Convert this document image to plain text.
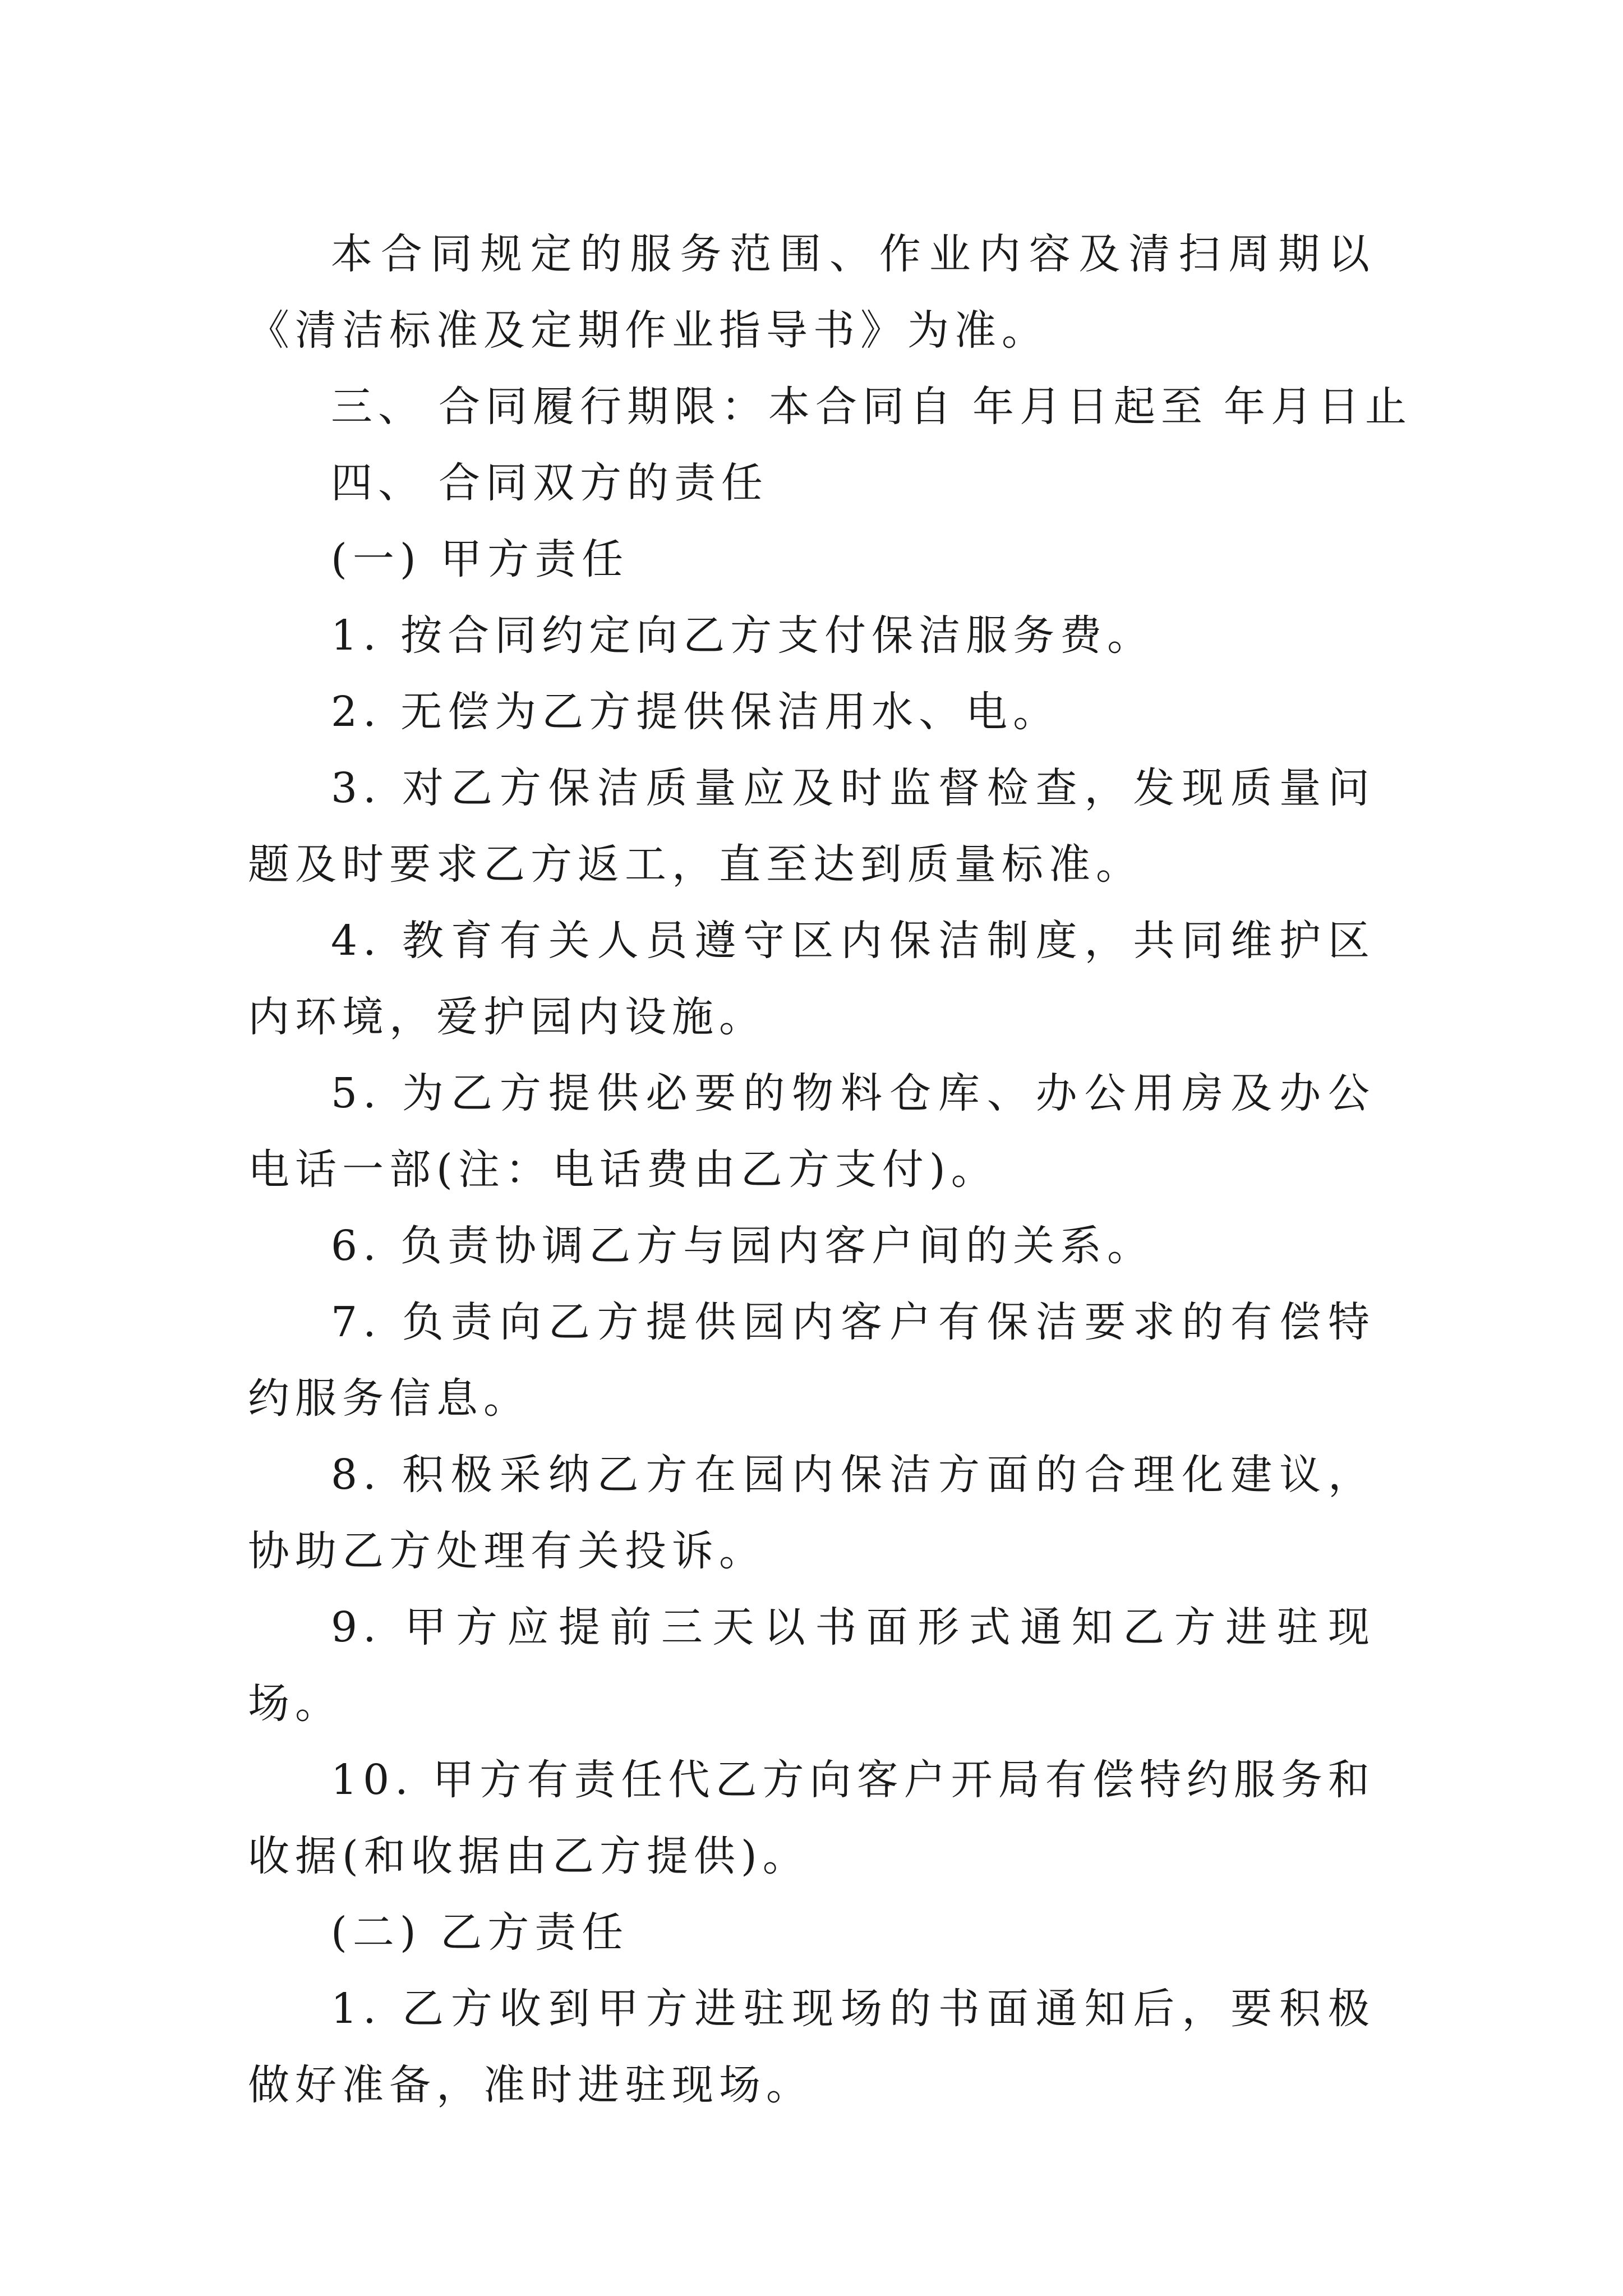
本合同规定的服务范围、作业内容及清扫周期以《清洁标准及定期作业指导书》为准。

三、 合同履行期限：本合同自 年月日起至 年月日止

四、 合同双方的责任

(一) 甲方责任

1. 按合同约定向乙方支付保洁服务费。

2. 无偿为乙方提供保洁用水、电。

3. 对乙方保洁质量应及时监督检查，发现质量问题及时要求乙方返工，直至达到质量标准。

4. 教育有关人员遵守区内保洁制度，共同维护区内环境，爱护园内设施。

5. 为乙方提供必要的物料仓库、办公用房及办公电话一部(注：电话费由乙方支付)。

6. 负责协调乙方与园内客户间的关系。

7. 负责向乙方提供园内客户有保洁要求的有偿特约服务信息。

8. 积极采纳乙方在园内保洁方面的合理化建议，协助乙方处理有关投诉。

9. 甲方应提前三天以书面形式通知乙方进驻现场。

10. 甲方有责任代乙方向客户开局有偿特约服务和收据(和收据由乙方提供)。

(二) 乙方责任

1. 乙方收到甲方进驻现场的书面通知后，要积极做好准备，准时进驻现场。
